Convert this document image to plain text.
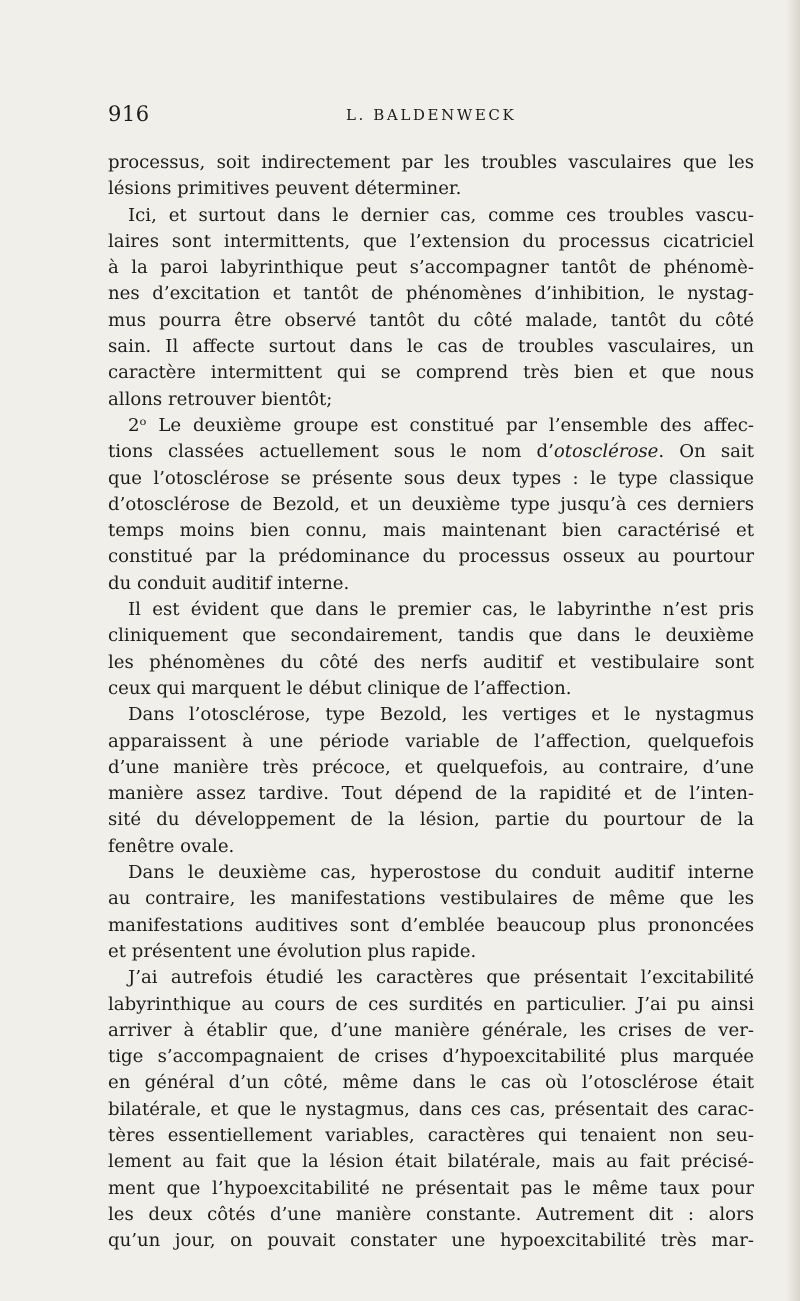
916	L. BALDENWECK
processus, soit indirectement par les troubles vasculaires que les
lésions primitives peuvent déterminer.
Ici, et surtout dans le dernier cas, comme ces troubles vascu-
laires sont intermittents, que l’extension du processus cicatriciel
à la paroi labyrinthique peut s’accompagner tantôt de phénomè-
nes d’excitation et tantôt de phénomènes d’inhibition, le nystag-
mus pourra être observé tantôt du côté malade, tantôt du côté
sain. Il affecte surtout dans le cas de troubles vasculaires, un
caractère intermittent qui se comprend très bien et que nous
allons retrouver bientôt;
2ᵒ Le deuxième groupe est constitué par l’ensemble des affec-
tions classées actuellement sous le nom d’otosclérose. On sait
que l’otosclérose se présente sous deux types : le type classique
d’otosclérose de Bezold, et un deuxième type jusqu’à ces derniers
temps moins bien connu, mais maintenant bien caractérisé et
constitué par la prédominance du processus osseux au pourtour
du conduit auditif interne.
Il est évident que dans le premier cas, le labyrinthe n’est pris
cliniquement que secondairement, tandis que dans le deuxième
les phénomènes du côté des nerfs auditif et vestibulaire sont
ceux qui marquent le début clinique de l’affection.
Dans l’otosclérose, type Bezold, les vertiges et le nystagmus
apparaissent à une période variable de l’affection, quelquefois
d’une manière très précoce, et quelquefois, au contraire, d’une
manière assez tardive. Tout dépend de la rapidité et de l’inten-
sité du développement de la lésion, partie du pourtour de la
fenêtre ovale.
Dans le deuxième cas, hyperostose du conduit auditif interne
au contraire, les manifestations vestibulaires de même que les
manifestations auditives sont d’emblée beaucoup plus prononcées
et présentent une évolution plus rapide.
J’ai autrefois étudié les caractères que présentait l’excitabilité
labyrinthique au cours de ces surdités en particulier. J’ai pu ainsi
arriver à établir que, d’une manière générale, les crises de ver-
tige s’accompagnaient de crises d’hypoexcitabilité plus marquée
en général d’un côté, même dans le cas où l’otosclérose était
bilatérale, et que le nystagmus, dans ces cas, présentait des carac-
tères essentiellement variables, caractères qui tenaient non seu-
lement au fait que la lésion était bilatérale, mais au fait précisé-
ment que l’hypoexcitabilité ne présentait pas le même taux pour
les deux côtés d’une manière constante. Autrement dit : alors
qu’un jour, on pouvait constater une hypoexcitabilité très mar-
